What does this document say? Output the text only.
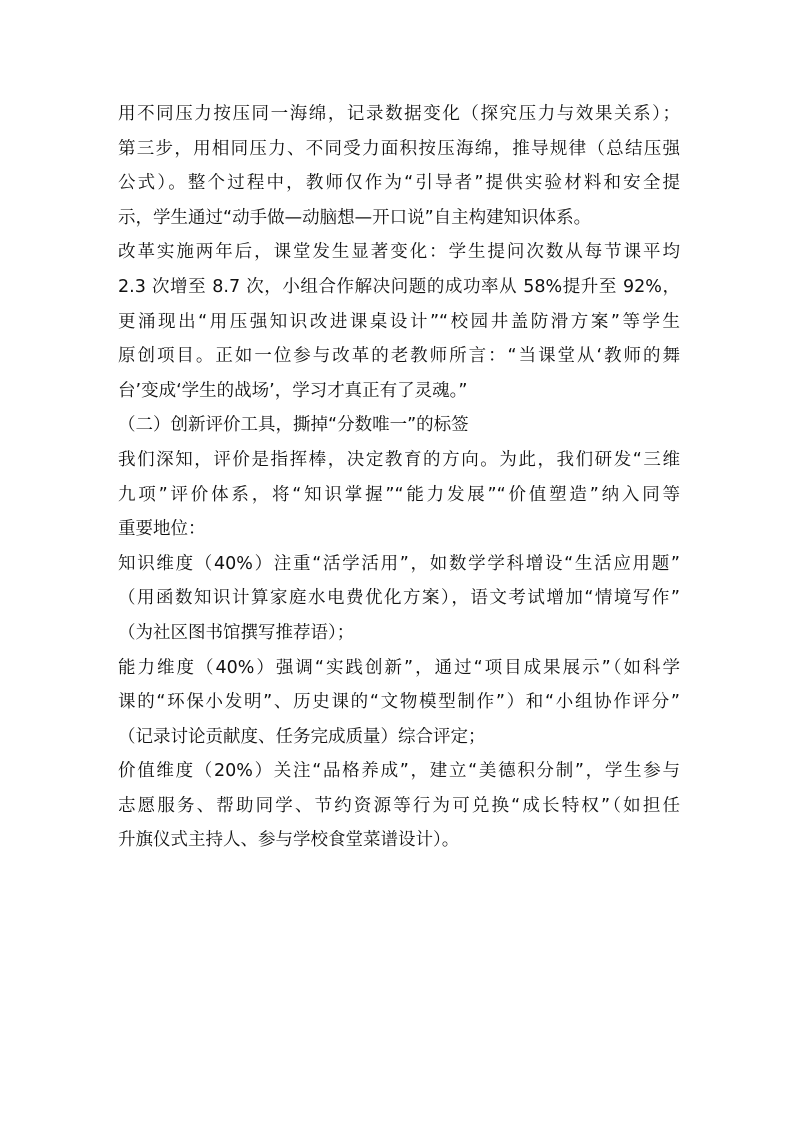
用不同压力按压同一海绵，记录数据变化（探究压力与效果关系）；
第三步，用相同压力、不同受力面积按压海绵，推导规律（总结压强
公式）。整个过程中，教师仅作为“引导者”提供实验材料和安全提
示，学生通过“动手做—动脑想—开口说”自主构建知识体系。
改革实施两年后，课堂发生显著变化：学生提问次数从每节课平均
2.3 次增至 8.7 次，小组合作解决问题的成功率从 58%提升至 92%，
更涌现出“用压强知识改进课桌设计”“校园井盖防滑方案”等学生
原创项目。正如一位参与改革的老教师所言：“当课堂从‘教师的舞
台’变成‘学生的战场’，学习才真正有了灵魂。”
（二）创新评价工具，撕掉“分数唯一”的标签
我们深知，评价是指挥棒，决定教育的方向。为此，我们研发“三维
九项”评价体系，将“知识掌握”“能力发展”“价值塑造”纳入同等
重要地位：
知识维度（40%）注重“活学活用”，如数学学科增设“生活应用题”
（用函数知识计算家庭水电费优化方案），语文考试增加“情境写作”
（为社区图书馆撰写推荐语）；
能力维度（40%）强调“实践创新”，通过“项目成果展示”（如科学
课的“环保小发明”、历史课的“文物模型制作”）和“小组协作评分”
（记录讨论贡献度、任务完成质量）综合评定；
价值维度（20%）关注“品格养成”，建立“美德积分制”，学生参与
志愿服务、帮助同学、节约资源等行为可兑换“成长特权”（如担任
升旗仪式主持人、参与学校食堂菜谱设计）。
